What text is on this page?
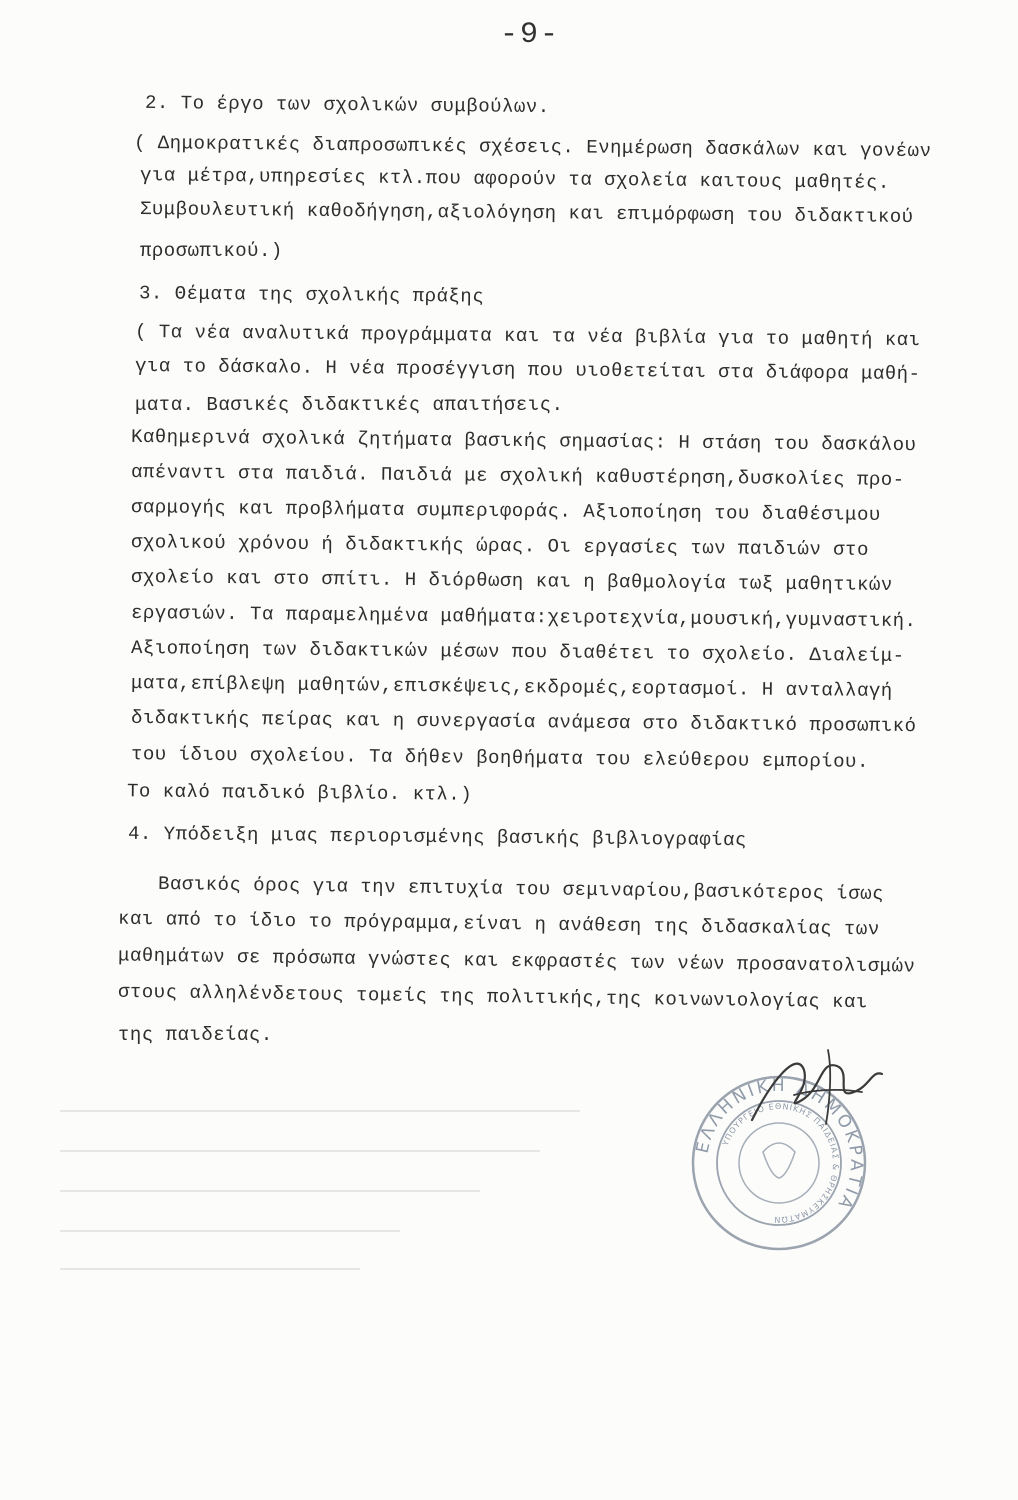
-9-
2. Το έργο των σχολικών συμβούλων.
( Δημοκρατικές διαπροσωπικές σχέσεις. Ενημέρωση δασκάλων και γονέων
για μέτρα,υπηρεσίες κτλ.που αφορούν τα σχολεία καιτους μαθητές.
Συμβουλευτική καθοδήγηση,αξιολόγηση και επιμόρφωση του διδακτικού
προσωπικού.)
3. Θέματα της σχολικής πράξης
( Τα νέα αναλυτικά προγράμματα και τα νέα βιβλία για το μαθητή και
για το δάσκαλο. Η νέα προσέγγιση που υιοθετείται στα διάφορα μαθή-
ματα. Βασικές διδακτικές απαιτήσεις.
Καθημερινά σχολικά ζητήματα βασικής σημασίας: Η στάση του δασκάλου
απέναντι στα παιδιά. Παιδιά με σχολική καθυστέρηση,δυσκολίες προ-
σαρμογής και προβλήματα συμπεριφοράς. Αξιοποίηση του διαθέσιμου
σχολικού χρόνου ή διδακτικής ώρας. Οι εργασίες των παιδιών στο
σχολείο και στο σπίτι. Η διόρθωση και η βαθμολογία τωξ μαθητικών
εργασιών. Τα παραμελημένα μαθήματα:χειροτεχνία,μουσική,γυμναστική.
Αξιοποίηση των διδακτικών μέσων που διαθέτει το σχολείο. Διαλείμ-
ματα,επίβλεψη μαθητών,επισκέψεις,εκδρομές,εορτασμοί. Η ανταλλαγή
διδακτικής πείρας και η συνεργασία ανάμεσα στο διδακτικό προσωπικό
του ίδιου σχολείου. Τα δήθεν βοηθήματα του ελεύθερου εμπορίου.
Το καλό παιδικό βιβλίο. κτλ.)
4. Υπόδειξη μιας περιορισμένης βασικής βιβλιογραφίας
Βασικός όρος για την επιτυχία του σεμιναρίου,βασικότερος ίσως
και από το ίδιο το πρόγραμμα,είναι η ανάθεση της διδασκαλίας των
μαθημάτων σε πρόσωπα γνώστες και εκφραστές των νέων προσανατολισμών
στους αλληλένδετους τομείς της πολιτικής,της κοινωνιολογίας και
της παιδείας.
ΕΛΛΗΝΙΚΗ ΔΗΜΟΚΡΑΤΙΑ
ΥΠΟΥΡΓΕΙΟ ΕΘΝΙΚΗΣ ΠΑΙΔΕΙΑΣ & ΘΡΗΣΚΕΥΜΑΤΩΝ
